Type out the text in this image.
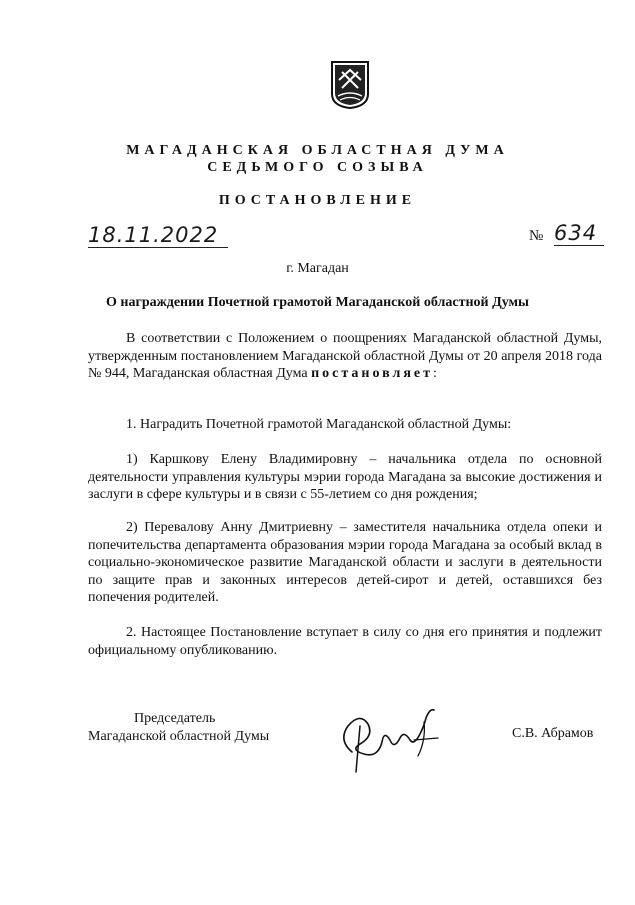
МАГАДАНСКАЯ ОБЛАСТНАЯ ДУМА
СЕДЬМОГО СОЗЫВА
ПОСТАНОВЛЕНИЕ
18.11.2022	№ 634
г. Магадан
О награждении Почетной грамотой Магаданской областной Думы
В соответствии с Положением о поощрениях Магаданской областной Думы, утвержденным постановлением Магаданской областной Думы от 20 апреля 2018 года № 944, Магаданская областная Дума постановляет:
1. Наградить Почетной грамотой Магаданской областной Думы:
1) Каршкову Елену Владимировну – начальника отдела по основной деятельности управления культуры мэрии города Магадана за высокие достижения и заслуги в сфере культуры и в связи с 55-летием со дня рождения;
2) Перевалову Анну Дмитриевну – заместителя начальника отдела опеки и попечительства департамента образования мэрии города Магадана за особый вклад в социально-экономическое развитие Магаданской области и заслуги в деятельности по защите прав и законных интересов детей-сирот и детей, оставшихся без попечения родителей.
2. Настоящее Постановление вступает в силу со дня его принятия и подлежит официальному опубликованию.
Председатель
Магаданской областной Думы	С.В. Абрамов
